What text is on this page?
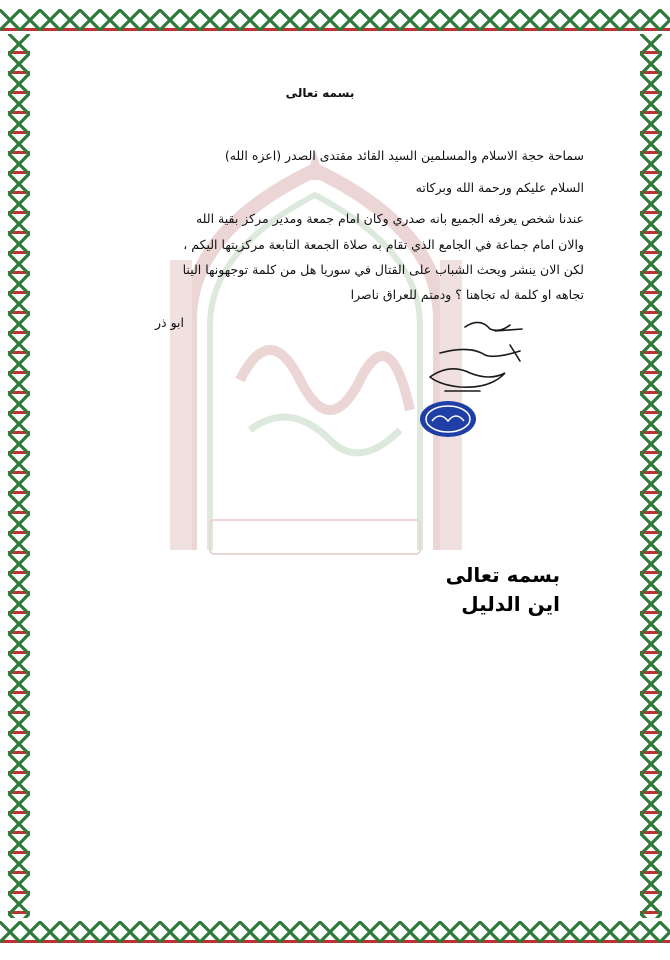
بسمه تعالى
سماحة حجة الاسلام والمسلمين السيد القائد مقتدى الصدر (اعزه الله)
السلام عليكم ورحمة الله وبركاته
عندنا شخص يعرفه الجميع بانه صدري وكان امام جمعة ومدير مركز بقية الله
والان امام جماعة في الجامع الذي تقام به صلاة الجمعة التابعة مركزيتها اليكم ،
لكن الان ينشر ويحث الشباب على القتال في سوريا هل من كلمة توجهونها الينا
تجاهه او كلمة له تجاهنا ؟ ودمتم للعراق ناصرا
ابو ذر
بسمه تعالى
اين الدليل
